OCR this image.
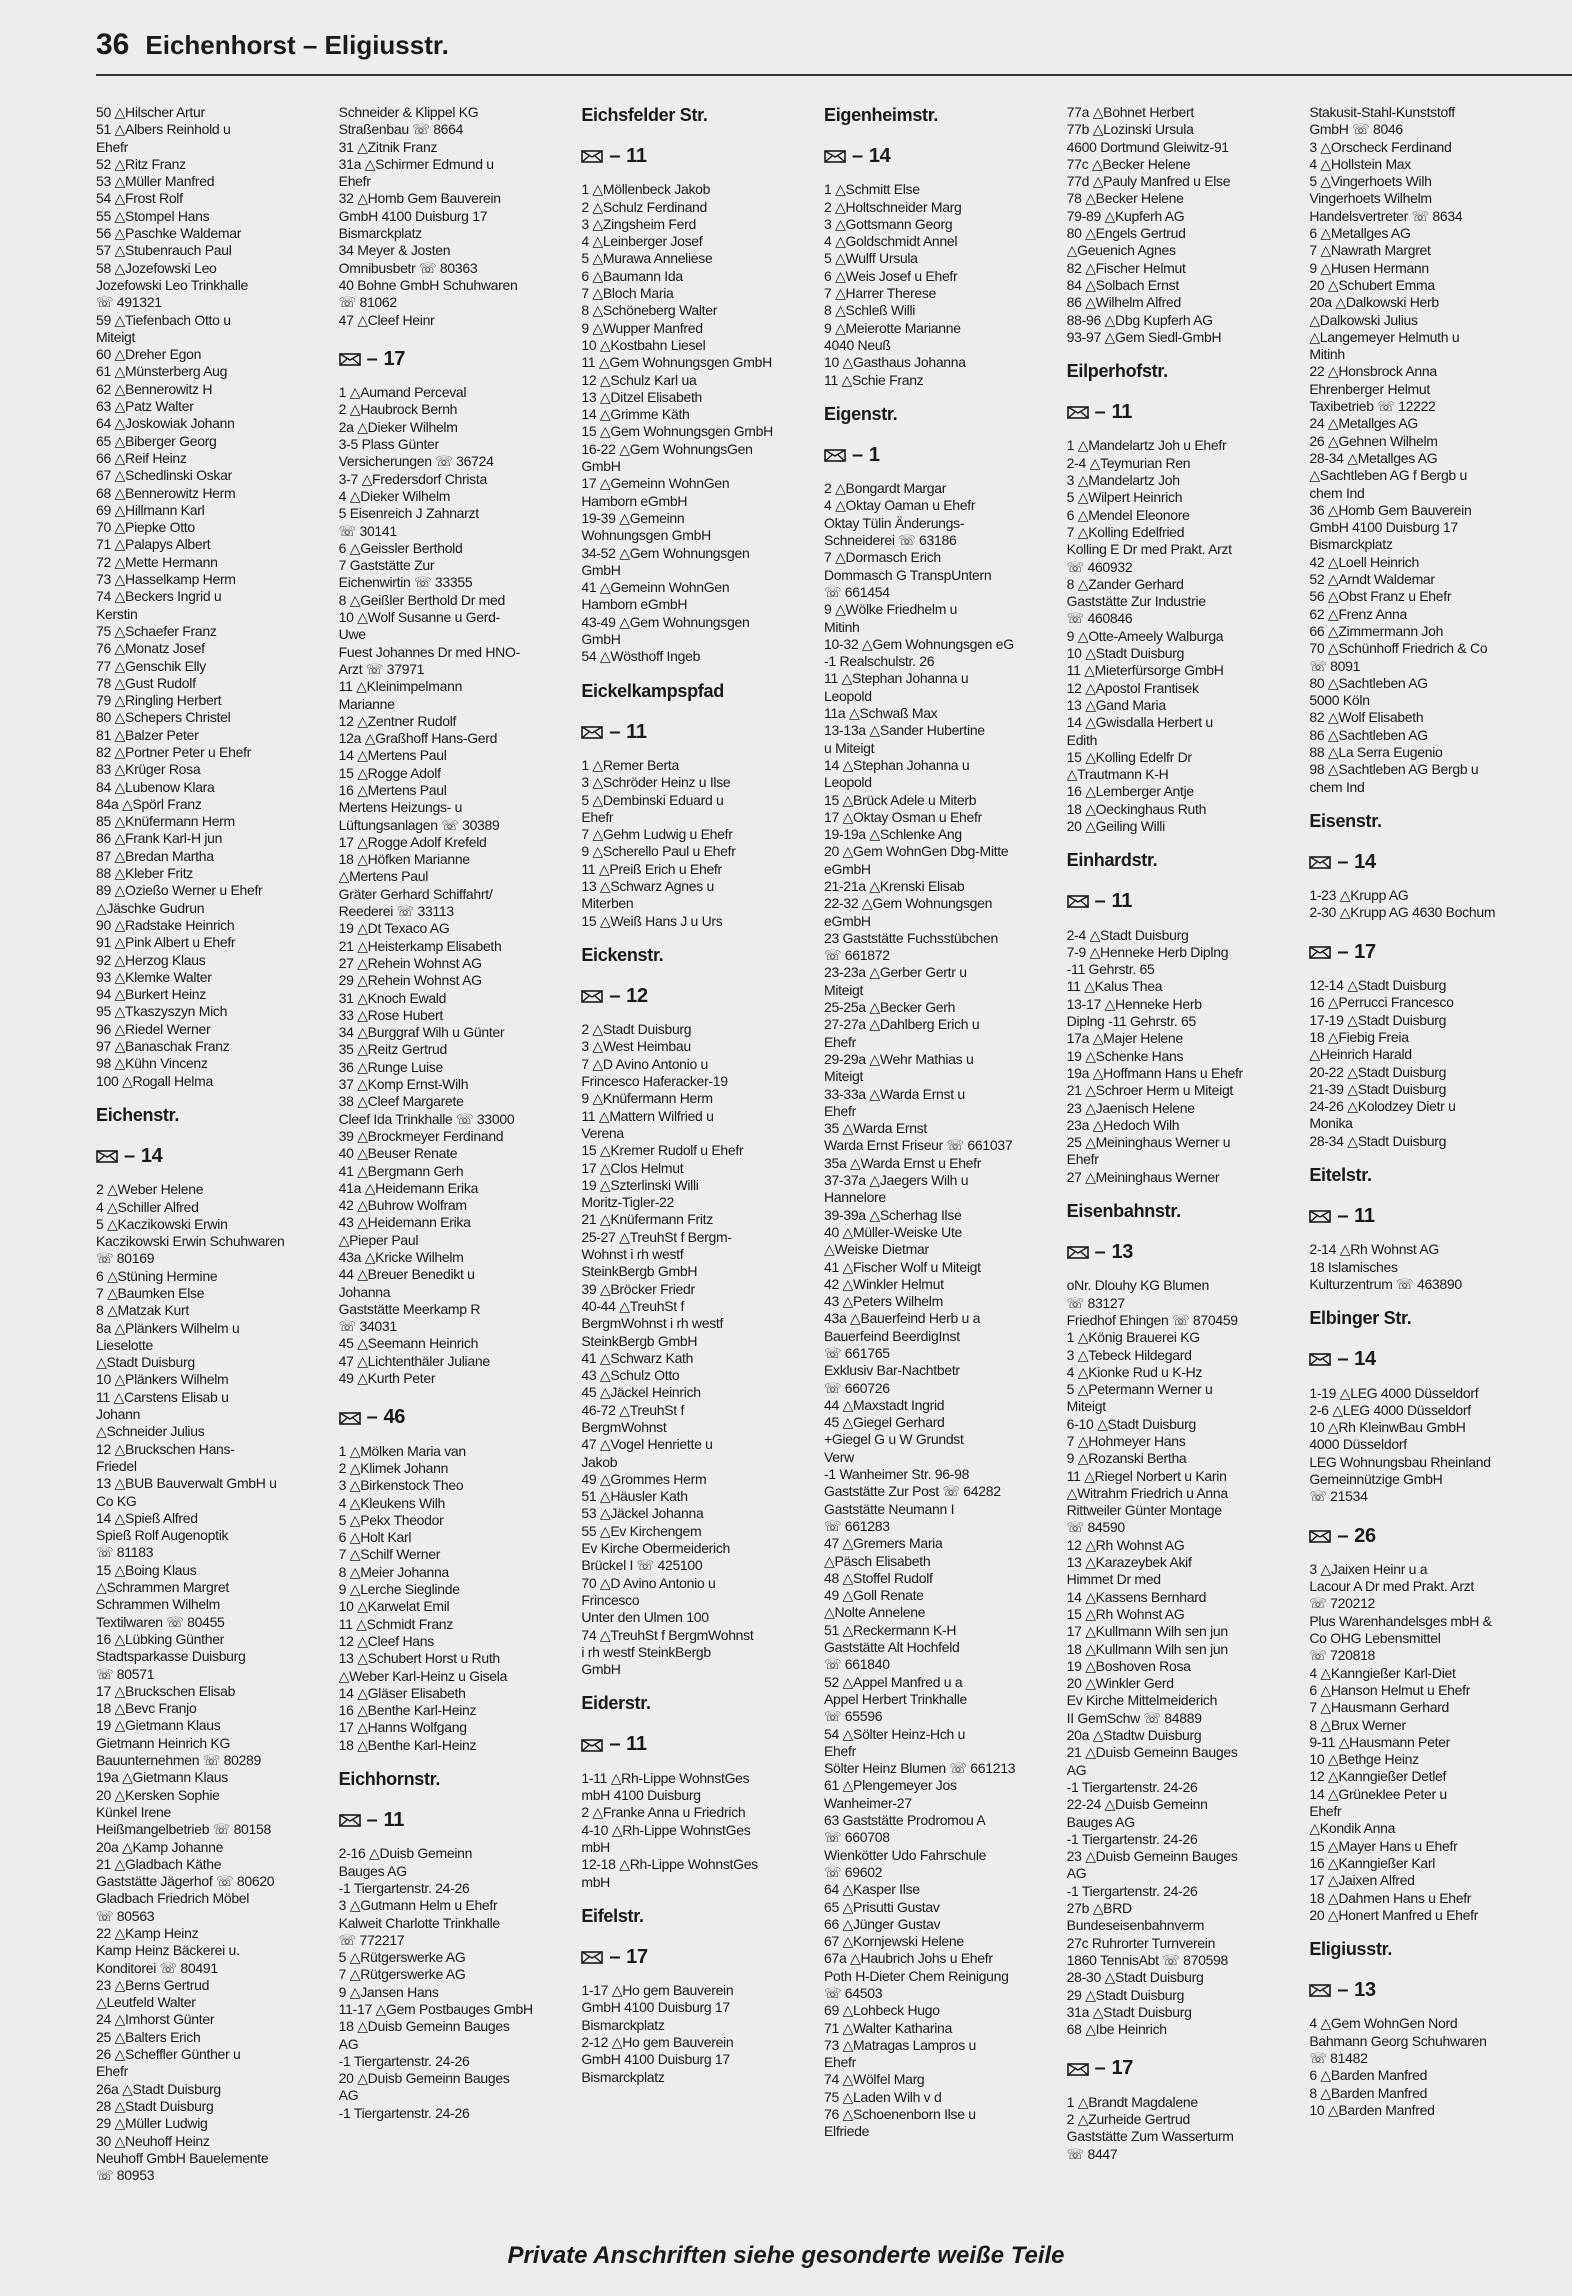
36 Eichenhorst – Eligiusstr.
50 △Hilscher Artur
51 △Albers Reinhold u
Ehefr
52 △Ritz Franz
53 △Müller Manfred
54 △Frost Rolf
55 △Stompel Hans
56 △Paschke Waldemar
57 △Stubenrauch Paul
58 △Jozefowski Leo
Jozefowski Leo Trinkhalle
☏ 491321
59 △Tiefenbach Otto u
Miteigt
60 △Dreher Egon
61 △Münsterberg Aug
62 △Bennerowitz H
63 △Patz Walter
64 △Joskowiak Johann
65 △Biberger Georg
66 △Reif Heinz
67 △Schedlinski Oskar
68 △Bennerowitz Herm
69 △Hillmann Karl
70 △Piepke Otto
71 △Palapys Albert
72 △Mette Hermann
73 △Hasselkamp Herm
74 △Beckers Ingrid u
Kerstin
75 △Schaefer Franz
76 △Monatz Josef
77 △Genschik Elly
78 △Gust Rudolf
79 △Ringling Herbert
80 △Schepers Christel
81 △Balzer Peter
82 △Portner Peter u Ehefr
83 △Krüger Rosa
84 △Lubenow Klara
84a △Spörl Franz
85 △Knüfermann Herm
86 △Frank Karl-H jun
87 △Bredan Martha
88 △Kleber Fritz
89 △Ozießo Werner u Ehefr
△Jäschke Gudrun
90 △Radstake Heinrich
91 △Pink Albert u Ehefr
92 △Herzog Klaus
93 △Klemke Walter
94 △Burkert Heinz
95 △Tkaszyszyn Mich
96 △Riedel Werner
97 △Banaschak Franz
98 △Kühn Vincenz
100 △Rogall Helma
Eichenstr.
– 14
2 △Weber Helene
4 △Schiller Alfred
5 △Kaczikowski Erwin
Kaczikowski Erwin Schuhwaren
☏ 80169
6 △Stüning Hermine
7 △Baumken Else
8 △Matzak Kurt
8a △Plänkers Wilhelm u
Lieselotte
△Stadt Duisburg
10 △Plänkers Wilhelm
11 △Carstens Elisab u
Johann
△Schneider Julius
12 △Bruckschen Hans-
Friedel
13 △BUB Bauverwalt GmbH u
Co KG
14 △Spieß Alfred
Spieß Rolf Augenoptik
☏ 81183
15 △Boing Klaus
△Schrammen Margret
Schrammen Wilhelm
Textilwaren ☏ 80455
16 △Lübking Günther
Stadtsparkasse Duisburg
☏ 80571
17 △Bruckschen Elisab
18 △Bevc Franjo
19 △Gietmann Klaus
Gietmann Heinrich KG
Bauunternehmen ☏ 80289
19a △Gietmann Klaus
20 △Kersken Sophie
Künkel Irene
Heißmangelbetrieb ☏ 80158
20a △Kamp Johanne
21 △Gladbach Käthe
Gaststätte Jägerhof ☏ 80620
Gladbach Friedrich Möbel
☏ 80563
22 △Kamp Heinz
Kamp Heinz Bäckerei u.
Konditorei ☏ 80491
23 △Berns Gertrud
△Leutfeld Walter
24 △Imhorst Günter
25 △Balters Erich
26 △Scheffler Günther u
Ehefr
26a △Stadt Duisburg
28 △Stadt Duisburg
29 △Müller Ludwig
30 △Neuhoff Heinz
Neuhoff GmbH Bauelemente
☏ 80953
Schneider & Klippel KG
Straßenbau ☏ 8664
31 △Zitnik Franz
31a △Schirmer Edmund u
Ehefr
32 △Homb Gem Bauverein
GmbH 4100 Duisburg 17
Bismarckplatz
34 Meyer & Josten
Omnibusbetr ☏ 80363
40 Bohne GmbH Schuhwaren
☏ 81062
47 △Cleef Heinr
– 17
1 △Aumand Perceval
2 △Haubrock Bernh
2a △Dieker Wilhelm
3-5 Plass Günter
Versicherungen ☏ 36724
3-7 △Fredersdorf Christa
4 △Dieker Wilhelm
5 Eisenreich J Zahnarzt
☏ 30141
6 △Geissler Berthold
7 Gaststätte Zur
Eichenwirtin ☏ 33355
8 △Geißler Berthold Dr med
10 △Wolf Susanne u Gerd-
Uwe
Fuest Johannes Dr med HNO-
Arzt ☏ 37971
11 △Kleinimpelmann
Marianne
12 △Zentner Rudolf
12a △Graßhoff Hans-Gerd
14 △Mertens Paul
15 △Rogge Adolf
16 △Mertens Paul
Mertens Heizungs- u
Lüftungsanlagen ☏ 30389
17 △Rogge Adolf Krefeld
18 △Höfken Marianne
△Mertens Paul
Gräter Gerhard Schiffahrt/
Reederei ☏ 33113
19 △Dt Texaco AG
21 △Heisterkamp Elisabeth
27 △Rehein Wohnst AG
29 △Rehein Wohnst AG
31 △Knoch Ewald
33 △Rose Hubert
34 △Burggraf Wilh u Günter
35 △Reitz Gertrud
36 △Runge Luise
37 △Komp Ernst-Wilh
38 △Cleef Margarete
Cleef Ida Trinkhalle ☏ 33000
39 △Brockmeyer Ferdinand
40 △Beuser Renate
41 △Bergmann Gerh
41a △Heidemann Erika
42 △Buhrow Wolfram
43 △Heidemann Erika
△Pieper Paul
43a △Kricke Wilhelm
44 △Breuer Benedikt u
Johanna
Gaststätte Meerkamp R
☏ 34031
45 △Seemann Heinrich
47 △Lichtenthäler Juliane
49 △Kurth Peter
– 46
1 △Mölken Maria van
2 △Klimek Johann
3 △Birkenstock Theo
4 △Kleukens Wilh
5 △Pekx Theodor
6 △Holt Karl
7 △Schilf Werner
8 △Meier Johanna
9 △Lerche Sieglinde
10 △Karwelat Emil
11 △Schmidt Franz
12 △Cleef Hans
13 △Schubert Horst u Ruth
△Weber Karl-Heinz u Gisela
14 △Gläser Elisabeth
16 △Benthe Karl-Heinz
17 △Hanns Wolfgang
18 △Benthe Karl-Heinz
Eichhornstr.
– 11
2-16 △Duisb Gemeinn
Bauges AG
-1 Tiergartenstr. 24-26
3 △Gutmann Helm u Ehefr
Kalweit Charlotte Trinkhalle
☏ 772217
5 △Rütgerswerke AG
7 △Rütgerswerke AG
9 △Jansen Hans
11-17 △Gem Postbauges GmbH
18 △Duisb Gemeinn Bauges
AG
-1 Tiergartenstr. 24-26
20 △Duisb Gemeinn Bauges
AG
-1 Tiergartenstr. 24-26
Eichsfelder Str.
– 11
1 △Möllenbeck Jakob
2 △Schulz Ferdinand
3 △Zingsheim Ferd
4 △Leinberger Josef
5 △Murawa Anneliese
6 △Baumann Ida
7 △Bloch Maria
8 △Schöneberg Walter
9 △Wupper Manfred
10 △Kostbahn Liesel
11 △Gem Wohnungsgen GmbH
12 △Schulz Karl ua
13 △Ditzel Elisabeth
14 △Grimme Käth
15 △Gem Wohnungsgen GmbH
16-22 △Gem WohnungsGen
GmbH
17 △Gemeinn WohnGen
Hamborn eGmbH
19-39 △Gemeinn
Wohnungsgen GmbH
34-52 △Gem Wohnungsgen
GmbH
41 △Gemeinn WohnGen
Hamborn eGmbH
43-49 △Gem Wohnungsgen
GmbH
54 △Wösthoff Ingeb
Eickelkampspfad
– 11
1 △Remer Berta
3 △Schröder Heinz u Ilse
5 △Dembinski Eduard u
Ehefr
7 △Gehm Ludwig u Ehefr
9 △Scherello Paul u Ehefr
11 △Preiß Erich u Ehefr
13 △Schwarz Agnes u
Miterben
15 △Weiß Hans J u Urs
Eickenstr.
– 12
2 △Stadt Duisburg
3 △West Heimbau
7 △D Avino Antonio u
Frincesco Haferacker-19
9 △Knüfermann Herm
11 △Mattern Wilfried u
Verena
15 △Kremer Rudolf u Ehefr
17 △Clos Helmut
19 △Szterlinski Willi
Moritz-Tigler-22
21 △Knüfermann Fritz
25-27 △TreuhSt f Bergm-
Wohnst i rh westf
SteinkBergb GmbH
39 △Bröcker Friedr
40-44 △TreuhSt f
BergmWohnst i rh westf
SteinkBergb GmbH
41 △Schwarz Kath
43 △Schulz Otto
45 △Jäckel Heinrich
46-72 △TreuhSt f
BergmWohnst
47 △Vogel Henriette u
Jakob
49 △Grommes Herm
51 △Häusler Kath
53 △Jäckel Johanna
55 △Ev Kirchengem
Ev Kirche Obermeiderich
Brückel I ☏ 425100
70 △D Avino Antonio u
Frincesco
Unter den Ulmen 100
74 △TreuhSt f BergmWohnst
i rh westf SteinkBergb
GmbH
Eiderstr.
– 11
1-11 △Rh-Lippe WohnstGes
mbH 4100 Duisburg
2 △Franke Anna u Friedrich
4-10 △Rh-Lippe WohnstGes
mbH
12-18 △Rh-Lippe WohnstGes
mbH
Eifelstr.
– 17
1-17 △Ho gem Bauverein
GmbH 4100 Duisburg 17
Bismarckplatz
2-12 △Ho gem Bauverein
GmbH 4100 Duisburg 17
Bismarckplatz
Eigenheimstr.
– 14
1 △Schmitt Else
2 △Holtschneider Marg
3 △Gottsmann Georg
4 △Goldschmidt Annel
5 △Wulff Ursula
6 △Weis Josef u Ehefr
7 △Harrer Therese
8 △Schleß Willi
9 △Meierotte Marianne
4040 Neuß
10 △Gasthaus Johanna
11 △Schie Franz
Eigenstr.
– 1
2 △Bongardt Margar
4 △Oktay Oaman u Ehefr
Oktay Tülin Änderungs-
Schneiderei ☏ 63186
7 △Dormasch Erich
Dommasch G TranspUntern
☏ 661454
9 △Wölke Friedhelm u
Mitinh
10-32 △Gem Wohnungsgen eG
-1 Realschulstr. 26
11 △Stephan Johanna u
Leopold
11a △Schwaß Max
13-13a △Sander Hubertine
u Miteigt
14 △Stephan Johanna u
Leopold
15 △Brück Adele u Miterb
17 △Oktay Osman u Ehefr
19-19a △Schlenke Ang
20 △Gem WohnGen Dbg-Mitte
eGmbH
21-21a △Krenski Elisab
22-32 △Gem Wohnungsgen
eGmbH
23 Gaststätte Fuchsstübchen
☏ 661872
23-23a △Gerber Gertr u
Miteigt
25-25a △Becker Gerh
27-27a △Dahlberg Erich u
Ehefr
29-29a △Wehr Mathias u
Miteigt
33-33a △Warda Ernst u
Ehefr
35 △Warda Ernst
Warda Ernst Friseur ☏ 661037
35a △Warda Ernst u Ehefr
37-37a △Jaegers Wilh u
Hannelore
39-39a △Scherhag Ilse
40 △Müller-Weiske Ute
△Weiske Dietmar
41 △Fischer Wolf u Miteigt
42 △Winkler Helmut
43 △Peters Wilhelm
43a △Bauerfeind Herb u a
Bauerfeind BeerdigInst
☏ 661765
Exklusiv Bar-Nachtbetr
☏ 660726
44 △Maxstadt Ingrid
45 △Giegel Gerhard
+Giegel G u W Grundst
Verw
-1 Wanheimer Str. 96-98
Gaststätte Zur Post ☏ 64282
Gaststätte Neumann I
☏ 661283
47 △Gremers Maria
△Päsch Elisabeth
48 △Stoffel Rudolf
49 △Goll Renate
△Nolte Annelene
51 △Reckermann K-H
Gaststätte Alt Hochfeld
☏ 661840
52 △Appel Manfred u a
Appel Herbert Trinkhalle
☏ 65596
54 △Sölter Heinz-Hch u
Ehefr
Sölter Heinz Blumen ☏ 661213
61 △Plengemeyer Jos
Wanheimer-27
63 Gaststätte Prodromou A
☏ 660708
Wienkötter Udo Fahrschule
☏ 69602
64 △Kasper Ilse
65 △Prisutti Gustav
66 △Jünger Gustav
67 △Kornjewski Helene
67a △Haubrich Johs u Ehefr
Poth H-Dieter Chem Reinigung
☏ 64503
69 △Lohbeck Hugo
71 △Walter Katharina
73 △Matragas Lampros u
Ehefr
74 △Wölfel Marg
75 △Laden Wilh v d
76 △Schoenenborn Ilse u
Elfriede
77a △Bohnet Herbert
77b △Lozinski Ursula
4600 Dortmund Gleiwitz-91
77c △Becker Helene
77d △Pauly Manfred u Else
78 △Becker Helene
79-89 △Kupferh AG
80 △Engels Gertrud
△Geuenich Agnes
82 △Fischer Helmut
84 △Solbach Ernst
86 △Wilhelm Alfred
88-96 △Dbg Kupferh AG
93-97 △Gem Siedl-GmbH
Eilperhofstr.
– 11
1 △Mandelartz Joh u Ehefr
2-4 △Teymurian Ren
3 △Mandelartz Joh
5 △Wilpert Heinrich
6 △Mendel Eleonore
7 △Kolling Edelfried
Kolling E Dr med Prakt. Arzt
☏ 460932
8 △Zander Gerhard
Gaststätte Zur Industrie
☏ 460846
9 △Otte-Ameely Walburga
10 △Stadt Duisburg
11 △Mieterfürsorge GmbH
12 △Apostol Frantisek
13 △Gand Maria
14 △Gwisdalla Herbert u
Edith
15 △Kolling Edelfr Dr
△Trautmann K-H
16 △Lemberger Antje
18 △Oeckinghaus Ruth
20 △Geiling Willi
Einhardstr.
– 11
2-4 △Stadt Duisburg
7-9 △Henneke Herb Diplng
-11 Gehrstr. 65
11 △Kalus Thea
13-17 △Henneke Herb
Diplng -11 Gehrstr. 65
17a △Majer Helene
19 △Schenke Hans
19a △Hoffmann Hans u Ehefr
21 △Schroer Herm u Miteigt
23 △Jaenisch Helene
23a △Hedoch Wilh
25 △Meininghaus Werner u
Ehefr
27 △Meininghaus Werner
Eisenbahnstr.
– 13
oNr. Dlouhy KG Blumen
☏ 83127
Friedhof Ehingen ☏ 870459
1 △König Brauerei KG
3 △Tebeck Hildegard
4 △Kionke Rud u K-Hz
5 △Petermann Werner u
Miteigt
6-10 △Stadt Duisburg
7 △Hohmeyer Hans
9 △Rozanski Bertha
11 △Riegel Norbert u Karin
△Witrahm Friedrich u Anna
Rittweiler Günter Montage
☏ 84590
12 △Rh Wohnst AG
13 △Karazeybek Akif
Himmet Dr med
14 △Kassens Bernhard
15 △Rh Wohnst AG
17 △Kullmann Wilh sen jun
18 △Kullmann Wilh sen jun
19 △Boshoven Rosa
20 △Winkler Gerd
Ev Kirche Mittelmeiderich
II GemSchw ☏ 84889
20a △Stadtw Duisburg
21 △Duisb Gemeinn Bauges
AG
-1 Tiergartenstr. 24-26
22-24 △Duisb Gemeinn
Bauges AG
-1 Tiergartenstr. 24-26
23 △Duisb Gemeinn Bauges
AG
-1 Tiergartenstr. 24-26
27b △BRD
Bundeseisenbahnverm
27c Ruhrorter Turnverein
1860 TennisAbt ☏ 870598
28-30 △Stadt Duisburg
29 △Stadt Duisburg
31a △Stadt Duisburg
68 △Ibe Heinrich
– 17
1 △Brandt Magdalene
2 △Zurheide Gertrud
Gaststätte Zum Wasserturm
☏ 8447
Stakusit-Stahl-Kunststoff
GmbH ☏ 8046
3 △Orscheck Ferdinand
4 △Hollstein Max
5 △Vingerhoets Wilh
Vingerhoets Wilhelm
Handelsvertreter ☏ 8634
6 △Metallges AG
7 △Nawrath Margret
9 △Husen Hermann
20 △Schubert Emma
20a △Dalkowski Herb
△Dalkowski Julius
△Langemeyer Helmuth u
Mitinh
22 △Honsbrock Anna
Ehrenberger Helmut
Taxibetrieb ☏ 12222
24 △Metallges AG
26 △Gehnen Wilhelm
28-34 △Metallges AG
△Sachtleben AG f Bergb u
chem Ind
36 △Homb Gem Bauverein
GmbH 4100 Duisburg 17
Bismarckplatz
42 △Loell Heinrich
52 △Arndt Waldemar
56 △Obst Franz u Ehefr
62 △Frenz Anna
66 △Zimmermann Joh
70 △Schünhoff Friedrich & Co
☏ 8091
80 △Sachtleben AG
5000 Köln
82 △Wolf Elisabeth
86 △Sachtleben AG
88 △La Serra Eugenio
98 △Sachtleben AG Bergb u
chem Ind
Eisenstr.
– 14
1-23 △Krupp AG
2-30 △Krupp AG 4630 Bochum
– 17
12-14 △Stadt Duisburg
16 △Perrucci Francesco
17-19 △Stadt Duisburg
18 △Fiebig Freia
△Heinrich Harald
20-22 △Stadt Duisburg
21-39 △Stadt Duisburg
24-26 △Kolodzey Dietr u
Monika
28-34 △Stadt Duisburg
Eitelstr.
– 11
2-14 △Rh Wohnst AG
18 Islamisches
Kulturzentrum ☏ 463890
Elbinger Str.
– 14
1-19 △LEG 4000 Düsseldorf
2-6 △LEG 4000 Düsseldorf
10 △Rh KleinwBau GmbH
4000 Düsseldorf
LEG Wohnungsbau Rheinland
Gemeinnützige GmbH
☏ 21534
– 26
3 △Jaixen Heinr u a
Lacour A Dr med Prakt. Arzt
☏ 720212
Plus Warenhandelsges mbH &
Co OHG Lebensmittel
☏ 720818
4 △Kanngießer Karl-Diet
6 △Hanson Helmut u Ehefr
7 △Hausmann Gerhard
8 △Brux Werner
9-11 △Hausmann Peter
10 △Bethge Heinz
12 △Kanngießer Detlef
14 △Grüneklee Peter u
Ehefr
△Kondik Anna
15 △Mayer Hans u Ehefr
16 △Kanngießer Karl
17 △Jaixen Alfred
18 △Dahmen Hans u Ehefr
20 △Honert Manfred u Ehefr
Eligiusstr.
– 13
4 △Gem WohnGen Nord
Bahmann Georg Schuhwaren
☏ 81482
6 △Barden Manfred
8 △Barden Manfred
10 △Barden Manfred
Private Anschriften siehe gesonderte weiße Teile
